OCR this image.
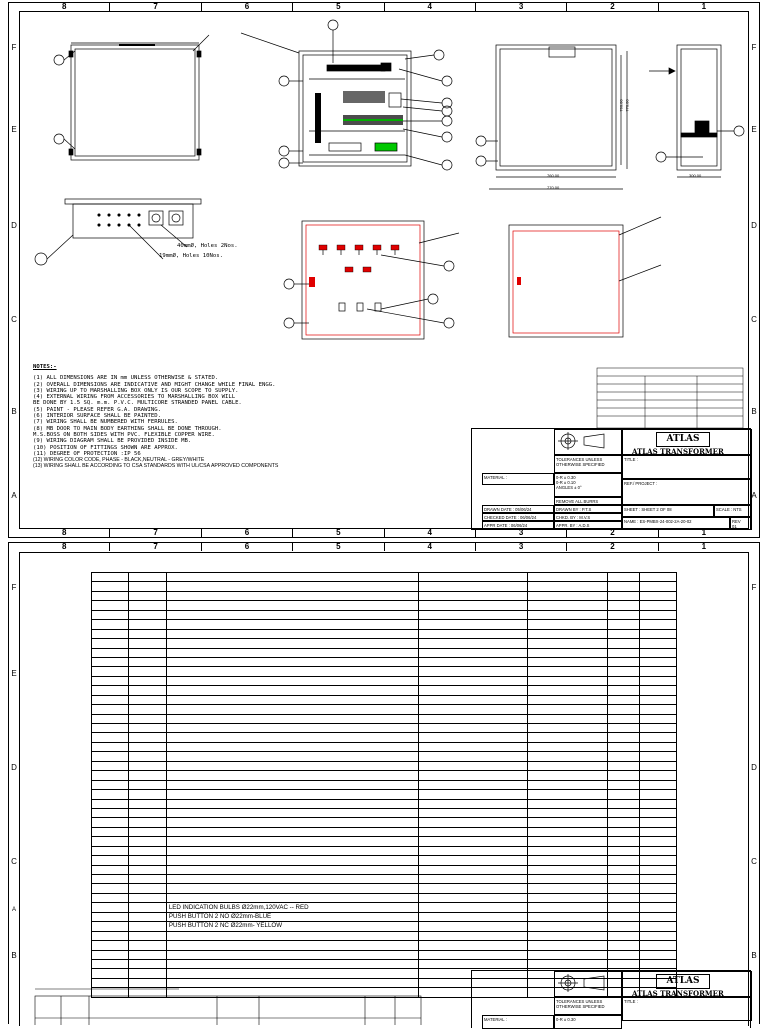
8	7	6	5	4	3	2	1
8	7	6	5	4	3	2	1
F
E
D
C
B
A
F
E
D
C
B
A
40mmØ, Holes 2Nos.
19mmØ, Holes 10Nos.
760.00
770.00
760.00 770.00
300.00
NOTES:-
(1) ALL DIMENSIONS ARE IN mm UNLESS OTHERWISE & STATED.
(2) OVERALL DIMENSIONS ARE INDICATIVE AND MIGHT CHANGE WHILE FINAL ENGG.
(3) WIRING UP TO MARSHALLING BOX ONLY IS OUR SCOPE TO SUPPLY.
(4) EXTERNAL WIRING FROM ACCESSORIES TO MARSHALLING BOX WILL
BE DONE BY 1.5 SQ. m.m. P.V.C. MULTICORE STRANDED PANEL CABLE.
(5) PAINT - PLEASE REFER G.A. DRAWING.
(6) INTERIOR SURFACE SHALL BE PAINTED.
(7) WIRING SHALL BE NUMBERED WITH FERRULES.
(8) MB DOOR TO MAIN BODY EARTHING SHALL BE DONE THROUGH.
M.S.BOSS ON BOTH SIDES WITH PVC. FLEXIBLE COPPER WIRE.
(9) WIRING DIAGRAM SHALL BE PROVIDED INSIDE MB.
(10) POSITION OF FITTINGS SHOWN ARE APPROX.
(11) DEGREE OF PROTECTION :IP 56
(12) WIRING COLOR CODE, PHASE - BLACK,NEUTRAL - GREY/WHITE
(13) WIRING SHALL BE ACCORDING TO CSA STANDARDS WITH UL/CSA APPROVED COMPONENTS
TOLERANCES UNLESS
OTHERWISE SPECIFIED
ATLAS
ATLAS TRANSFORMER
TITLE :
MATERIAL :	0-R ± 0.30
0-R ± 0.10
ANGLES ± 0°
REF./ PROJECT :
REMOVE ALL BURRS
DRAWN DATE : 05/06/24
CHECKED DATE : 06/06/24
APPR DATE : 06/06/24
DRAWN BY : P.T.S
CHKD. BY : M.V.S
APPR. BY : A.D.S
SHEET : SHEET 2 OF 08	SCALE : NTS
NAME : ES-PMBX-24-002-2A-20-02	REV
01
8	7	6	5	4	3	2	1
F
E
D
C
A
B
F
D
C
B

		LED INDICATION BULBS Ø22mm,120VAC -- RED				
		PUSH BUTTON 2 NO Ø22mm-BLUE				
		PUSH BUTTON 2 NC Ø22mm- YELLOW				

TOLERANCES UNLESS
OTHERWISE SPECIFIED
ATLAS
ATLAS TRANSFORMER
TITLE :
MATERIAL :	0-R ± 0.30
